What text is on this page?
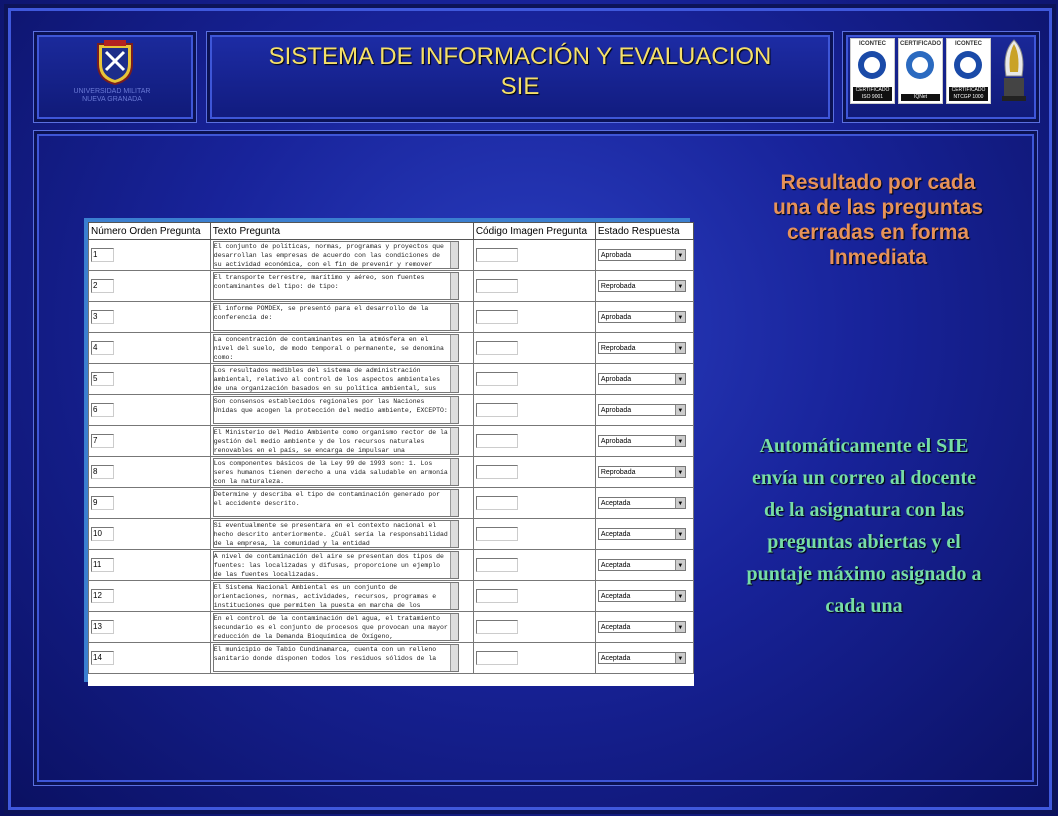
UNIVERSIDAD MILITAR
NUEVA GRANADA
SISTEMA DE INFORMACIÓN Y EVALUACION
SIE
ICONTEC
CERTIFICADO ISO 9001
CERTIFICADO
IQNet
ICONTEC
CERTIFICADO NTCGP 1000
Número Orden Pregunta	Texto Pregunta	Código Imagen Pregunta	Estado Respuesta

1	El conjunto de políticas, normas, programas y proyectos que desarrollan las empresas de acuerdo con las condiciones de su actividad económica, con el fin de prevenir y remover		Aprobada ▼

2	El transporte terrestre, marítimo y aéreo, son fuentes contaminantes del tipo: de tipo:		Reprobada ▼

3	El informe POMDEX, se presentó para el desarrollo de la conferencia de:		Aprobada ▼

4	La concentración de contaminantes en la atmósfera en el nivel del suelo, de modo temporal o permanente, se denomina como:		Reprobada ▼

5	Los resultados medibles del sistema de administración ambiental, relativo al control de los aspectos ambientales de una organización basados en su política ambiental, sus		Aprobada ▼

6	Son consensos establecidos regionales por las Naciones Unidas que acogen la protección del medio ambiente, EXCEPTO:		Aprobada ▼

7	El Ministerio del Medio Ambiente como organismo rector de la gestión del medio ambiente y de los recursos naturales renovables en el país, se encarga de impulsar una		Aprobada ▼

8	Los componentes básicos de la Ley 99 de 1993 son: 1. Los seres humanos tienen derecho a una vida saludable en armonía con la naturaleza.		Reprobada ▼

9	Determine y describa el tipo de contaminación generado por el accidente descrito.		Aceptada ▼

10	Si eventualmente se presentara en el contexto nacional el hecho descrito anteriormente. ¿Cuál sería la responsabilidad de la empresa, la comunidad y la entidad		Aceptada ▼

11	A nivel de contaminación del aire se presentan dos tipos de fuentes: las localizadas y difusas, proporcione un ejemplo de las fuentes localizadas.		Aceptada ▼

12	El Sistema Nacional Ambiental es un conjunto de orientaciones, normas, actividades, recursos, programas e instituciones que permiten la puesta en marcha de los		Aceptada ▼

13	En el control de la contaminación del agua, el tratamiento secundario es el conjunto de procesos que provocan una mayor reducción de la Demanda Bioquímica de Oxígeno,		Aceptada ▼

14	El municipio de Tabio Cundinamarca, cuenta con un relleno sanitario donde disponen todos los residuos sólidos de la		Aceptada ▼
Resultado por cada una de las preguntas cerradas en forma Inmediata
Automáticamente el SIE envía un correo al docente de la asignatura con las preguntas abiertas y el puntaje máximo asignado a cada una
